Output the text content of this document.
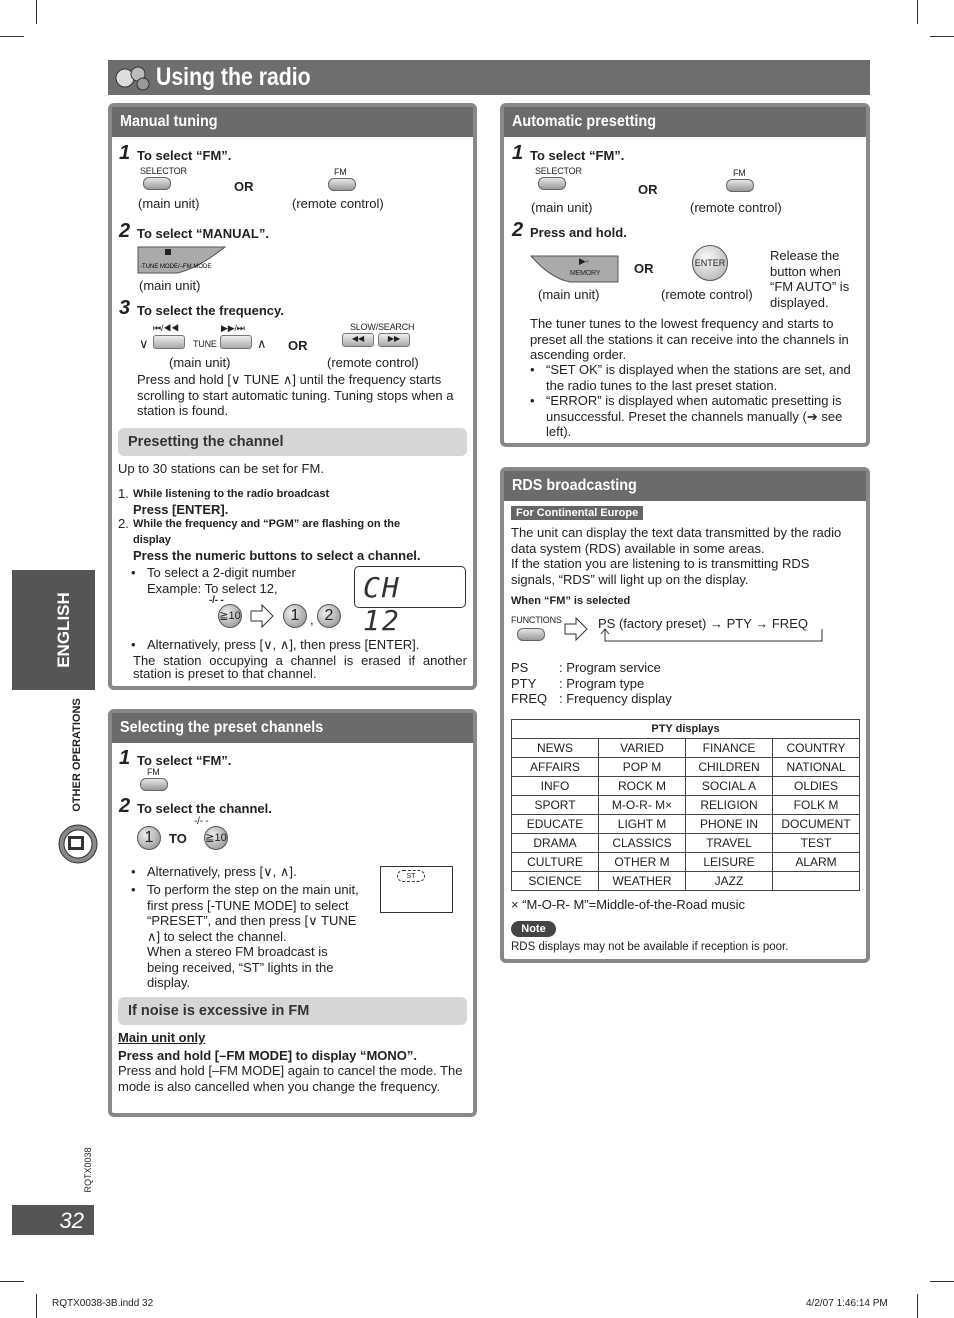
Using the radio
ENGLISH
OTHER OPERATIONS
RQTX0038
32
RQTX0038-3B.indd 32	4/2/07 1:46:14 PM
Manual tuning
1 To select “FM”.
SELECTOR
OR
FM
(main unit)	(remote control)
2 To select “MANUAL”.
-TUNE MODE/–FM MODE
(main unit)
3 To select the frequency.
⏮/◀◀	▶▶/⏭
∨	TUNE	∧ OR
SLOW/SEARCH
◀◀	▶▶
(main unit)	(remote control)
Press and hold [∨ TUNE ∧] until the frequency starts scrolling to start automatic tuning. Tuning stops when a station is found.
Presetting the channel
Up to 30 stations can be set for FM.
1. While listening to the radio broadcast
Press [ENTER].
2. While the frequency and “PGM” are flashing on the display
Press the numeric buttons to select a channel.
• To select a 2-digit number
Example: To select 12,	CH 12
-/- -
≧10	1 , 2
• Alternatively, press [∨, ∧], then press [ENTER].
The station occupying a channel is erased if another station is preset to that channel.
Selecting the preset channels
1 To select “FM”.
FM
2 To select the channel.
1	TO
-/- -
≧10
• Alternatively, press [∨, ∧].
• To perform the step on the main unit, first press [-TUNE MODE] to select “PRESET”, and then press [∨ TUNE ∧] to select the channel.
When a stereo FM broadcast is being received, “ST” lights in the display.
ST
If noise is excessive in FM
Main unit only
Press and hold [–FM MODE] to display “MONO”.
Press and hold [–FM MODE] again to cancel the mode. The mode is also cancelled when you change the frequency.
Automatic presetting
1 To select “FM”.
SELECTOR
OR
FM
(main unit)	(remote control)
2 Press and hold.
▶◦
MEMORY	OR	ENTER	Release the button when “FM AUTO” is displayed.
(main unit)	(remote control)
The tuner tunes to the lowest frequency and starts to preset all the stations it can receive into the channels in ascending order.
• “SET OK” is displayed when the stations are set, and the radio tunes to the last preset station.
• “ERROR” is displayed when automatic presetting is unsuccessful. Preset the channels manually (➔ see left).
RDS broadcasting
For Continental Europe
The unit can display the text data transmitted by the radio data system (RDS) available in some areas.
If the station you are listening to is transmitting RDS signals, “RDS” will light up on the display.
When “FM” is selected
FUNCTIONS	PS (factory preset) → PTY → FREQ
PS : Program service
PTY : Program type
FREQ : Frequency display
PTY displays			
NEWS	VARIED	FINANCE	COUNTRY
AFFAIRS	POP M	CHILDREN	NATIONAL
INFO	ROCK M	SOCIAL A	OLDIES
SPORT	M-O-R- M×	RELIGION	FOLK M
EDUCATE	LIGHT M	PHONE IN	DOCUMENT
DRAMA	CLASSICS	TRAVEL	TEST
CULTURE	OTHER M	LEISURE	ALARM
SCIENCE	WEATHER	JAZZ	
× “M-O-R- M”=Middle-of-the-Road music
Note
RDS displays may not be available if reception is poor.
